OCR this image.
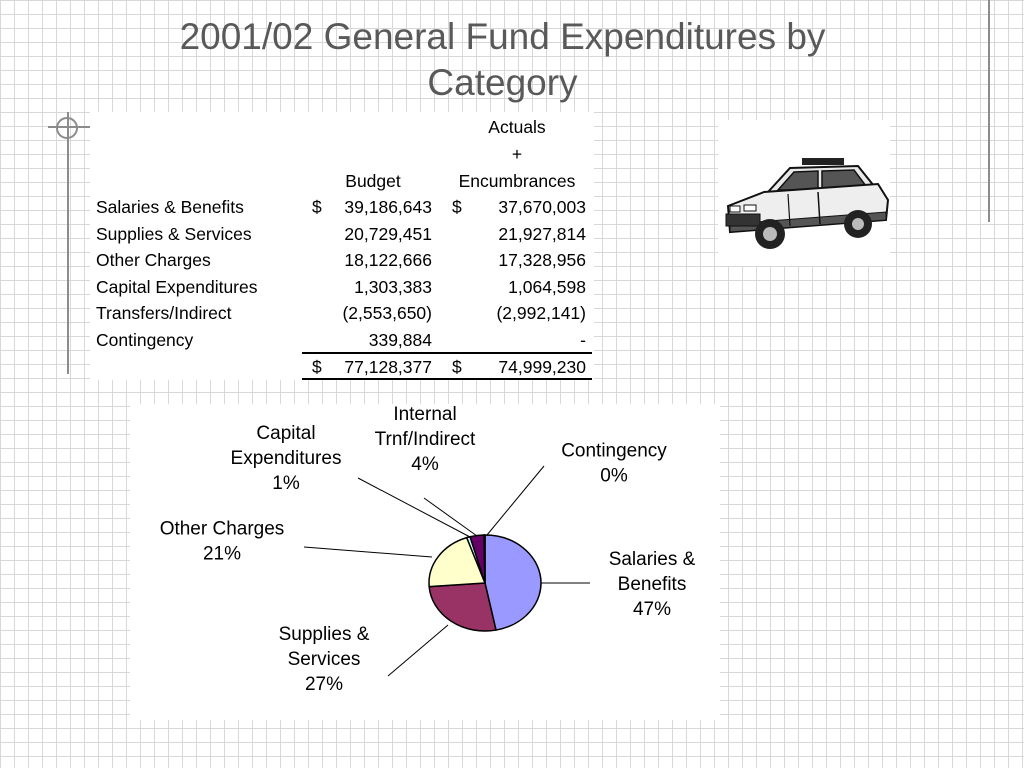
2001/02 General Fund Expenditures by Category
Actuals
+
Budget	Encumbrances
Salaries & Benefits	$ 39,186,643 $ 37,670,003
Supplies & Services	20,729,451	21,927,814
Other Charges	18,122,666	17,328,956
Capital Expenditures	1,303,383	1,064,598
Transfers/Indirect	(2,553,650)	(2,992,141)
Contingency	339,884	-
$ 77,128,377 $ 74,999,230
Salaries &
Benefits
47%
Supplies &
Services
27%
Other Charges
21%
Capital
Expenditures
1%
Internal
Trnf/Indirect
4%
Contingency
0%
